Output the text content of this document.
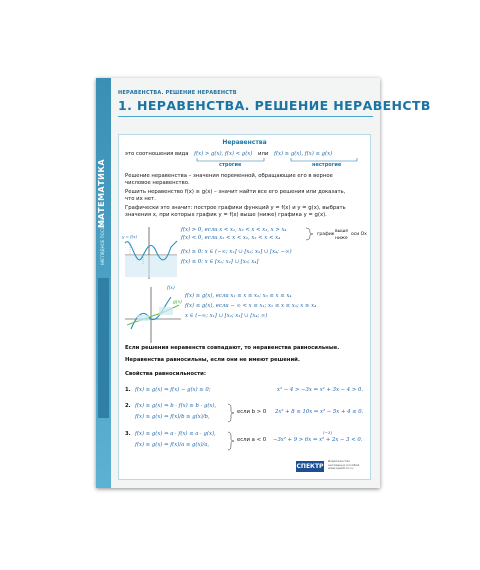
МАТЕМАТИКА
НАГЛЯДНОЕ ПОСОБИЕ
НЕРАВЕНСТВА. РЕШЕНИЕ НЕРАВЕНСТВ
1. НЕРАВЕНСТВА. РЕШЕНИЕ НЕРАВЕНСТВ
Неравенства
это соотношения вида f(x) > g(x), f(x) < g(x) или f(x) ≥ g(x), f(x) ≤ g(x)
строгие	нестрогие
Решение неравенства – значения переменной, обращающие его в верное
числовое неравенство.
Решить неравенство f(x) ≥ g(x) – значит найти все его решения или доказать,
что их нет.
Графически это значит: построе графики функций y = f(x) и y = g(x), выбрать
значения x, при которых график y = f(x) выше (ниже) графика y = g(x).
y = f(x)
f(x) > 0, если x < x₁, x₂ < x < x₃, x > x₄
f(x) < 0, если x₁ < x < x₂, x₃ < x < x₄
f(x) ≥ 0: x ∈ (−∞; x₁] ∪ [x₂; x₃] ∪ [x₄; −∞)
f(x) ≤ 0: x ∈ [x₁; x₂] ∪ [x₃; x₄]
график
выше
ниже
оси Ox
f(x)
g(x)
f(x) ≥ g(x), если x₁ ≤ x ≤ x₂; x₃ ≤ x ≤ x₄
f(x) ≤ g(x), если − ∞ < x ≤ x₁; x₂ ≤ x ≤ x₃; x ≥ x₄
x ∈ (−∞; x₁] ∪ [x₂; x₃] ∪ [x₄; ∞)
Если решения неравенств совпадают, то неравенства равносильные.
Неравенства равносильны, если они не имеют решений.
Свойства равносильности:
1. f(x) ≥ g(x) ⇔ f(x) − g(x) ≥ 0;	x² − 4 > −3x ⇔ x² + 3x − 4 > 0.
2. f(x) ≥ g(x) ⇔ b · f(x) ≥ b · g(x),
f(x) ≥ g(x) ⇔ f(x)/b ≥ g(x)/b,
если b > 0 2x² + 8 ≤ 10x ⇔ x² − 5x + 4 ≤ 0.
3. f(x) ≥ g(x) ⇔ a · f(x) ≤ a · g(x),
f(x) ≥ g(x) ⇔ f(x)/a ≤ g(x)/a,
если a < 0
(−3)
−3x² + 9 > 6x ⇔ x² + 2x − 3 < 0.
СПЕКТР
Издательство
наглядных пособий
www.spektr-m.ru
